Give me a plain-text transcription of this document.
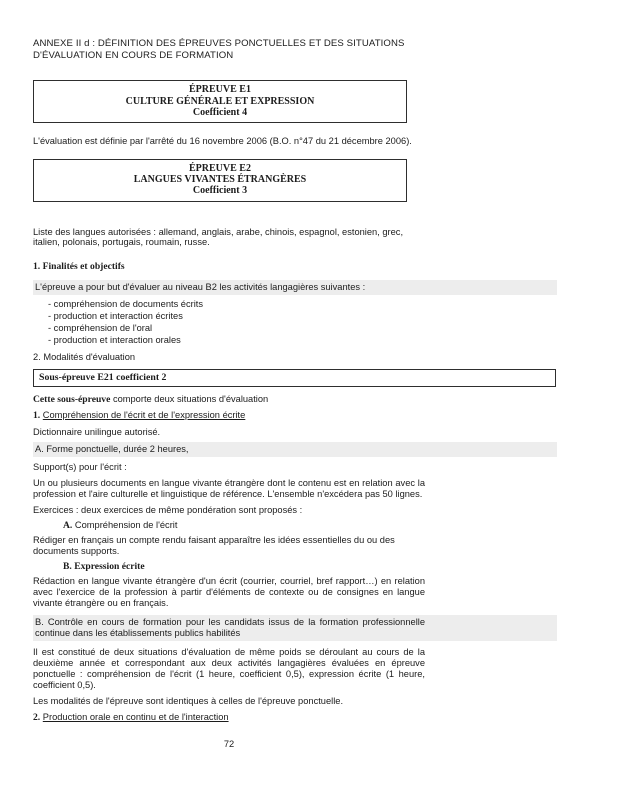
ANNEXE II d : DÉFINITION DES ÉPREUVES PONCTUELLES ET DES SITUATIONS
D'ÉVALUATION EN COURS DE FORMATION
ÉPREUVE E1
CULTURE GÉNÉRALE ET EXPRESSION
Coefficient 4

L'évaluation est définie par l'arrêté du 16 novembre 2006 (B.O. n°47 du 21 décembre 2006).

ÉPREUVE E2
LANGUES VIVANTES ÉTRANGÈRES
Coefficient 3

Liste des langues autorisées : allemand, anglais, arabe, chinois, espagnol, estonien, grec, italien, polonais, portugais, roumain, russe.

1. Finalités et objectifs

L'épreuve a pour but d'évaluer au niveau B2 les activités langagières suivantes :
- compréhension de documents écrits
- production et interaction écrites
- compréhension de l'oral
- production et interaction orales

2. Modalités d'évaluation

Sous-épreuve E21 coefficient 2

Cette sous-épreuve comporte deux situations d'évaluation

1. Compréhension de l'écrit et de l'expression écrite

Dictionnaire unilingue autorisé.

A. Forme ponctuelle, durée 2 heures,

Support(s) pour l'écrit :

Un ou plusieurs documents en langue vivante étrangère dont le contenu est en relation avec la profession et l'aire culturelle et linguistique de référence. L'ensemble n'excédera pas 50 lignes.

Exercices : deux exercices de même pondération sont proposés :

A. Compréhension de l'écrit

Rédiger en français un compte rendu faisant apparaître les idées essentielles du ou des documents supports.

B. Expression écrite

Rédaction en langue vivante étrangère d'un écrit (courrier, courriel, bref rapport…) en relation avec l'exercice de la profession à partir d'éléments de contexte ou de consignes en langue vivante étrangère ou en français.

B. Contrôle en cours de formation pour les candidats issus de la formation professionnelle continue dans les établissements publics habilités

Il est constitué de deux situations d'évaluation de même poids se déroulant au cours de la deuxième année et correspondant aux deux activités langagières évaluées en épreuve ponctuelle : compréhension de l'écrit (1 heure, coefficient 0,5), expression écrite (1 heure, coefficient 0,5).

Les modalités de l'épreuve sont identiques à celles de l'épreuve ponctuelle.

2. Production orale en continu et de l'interaction

72
